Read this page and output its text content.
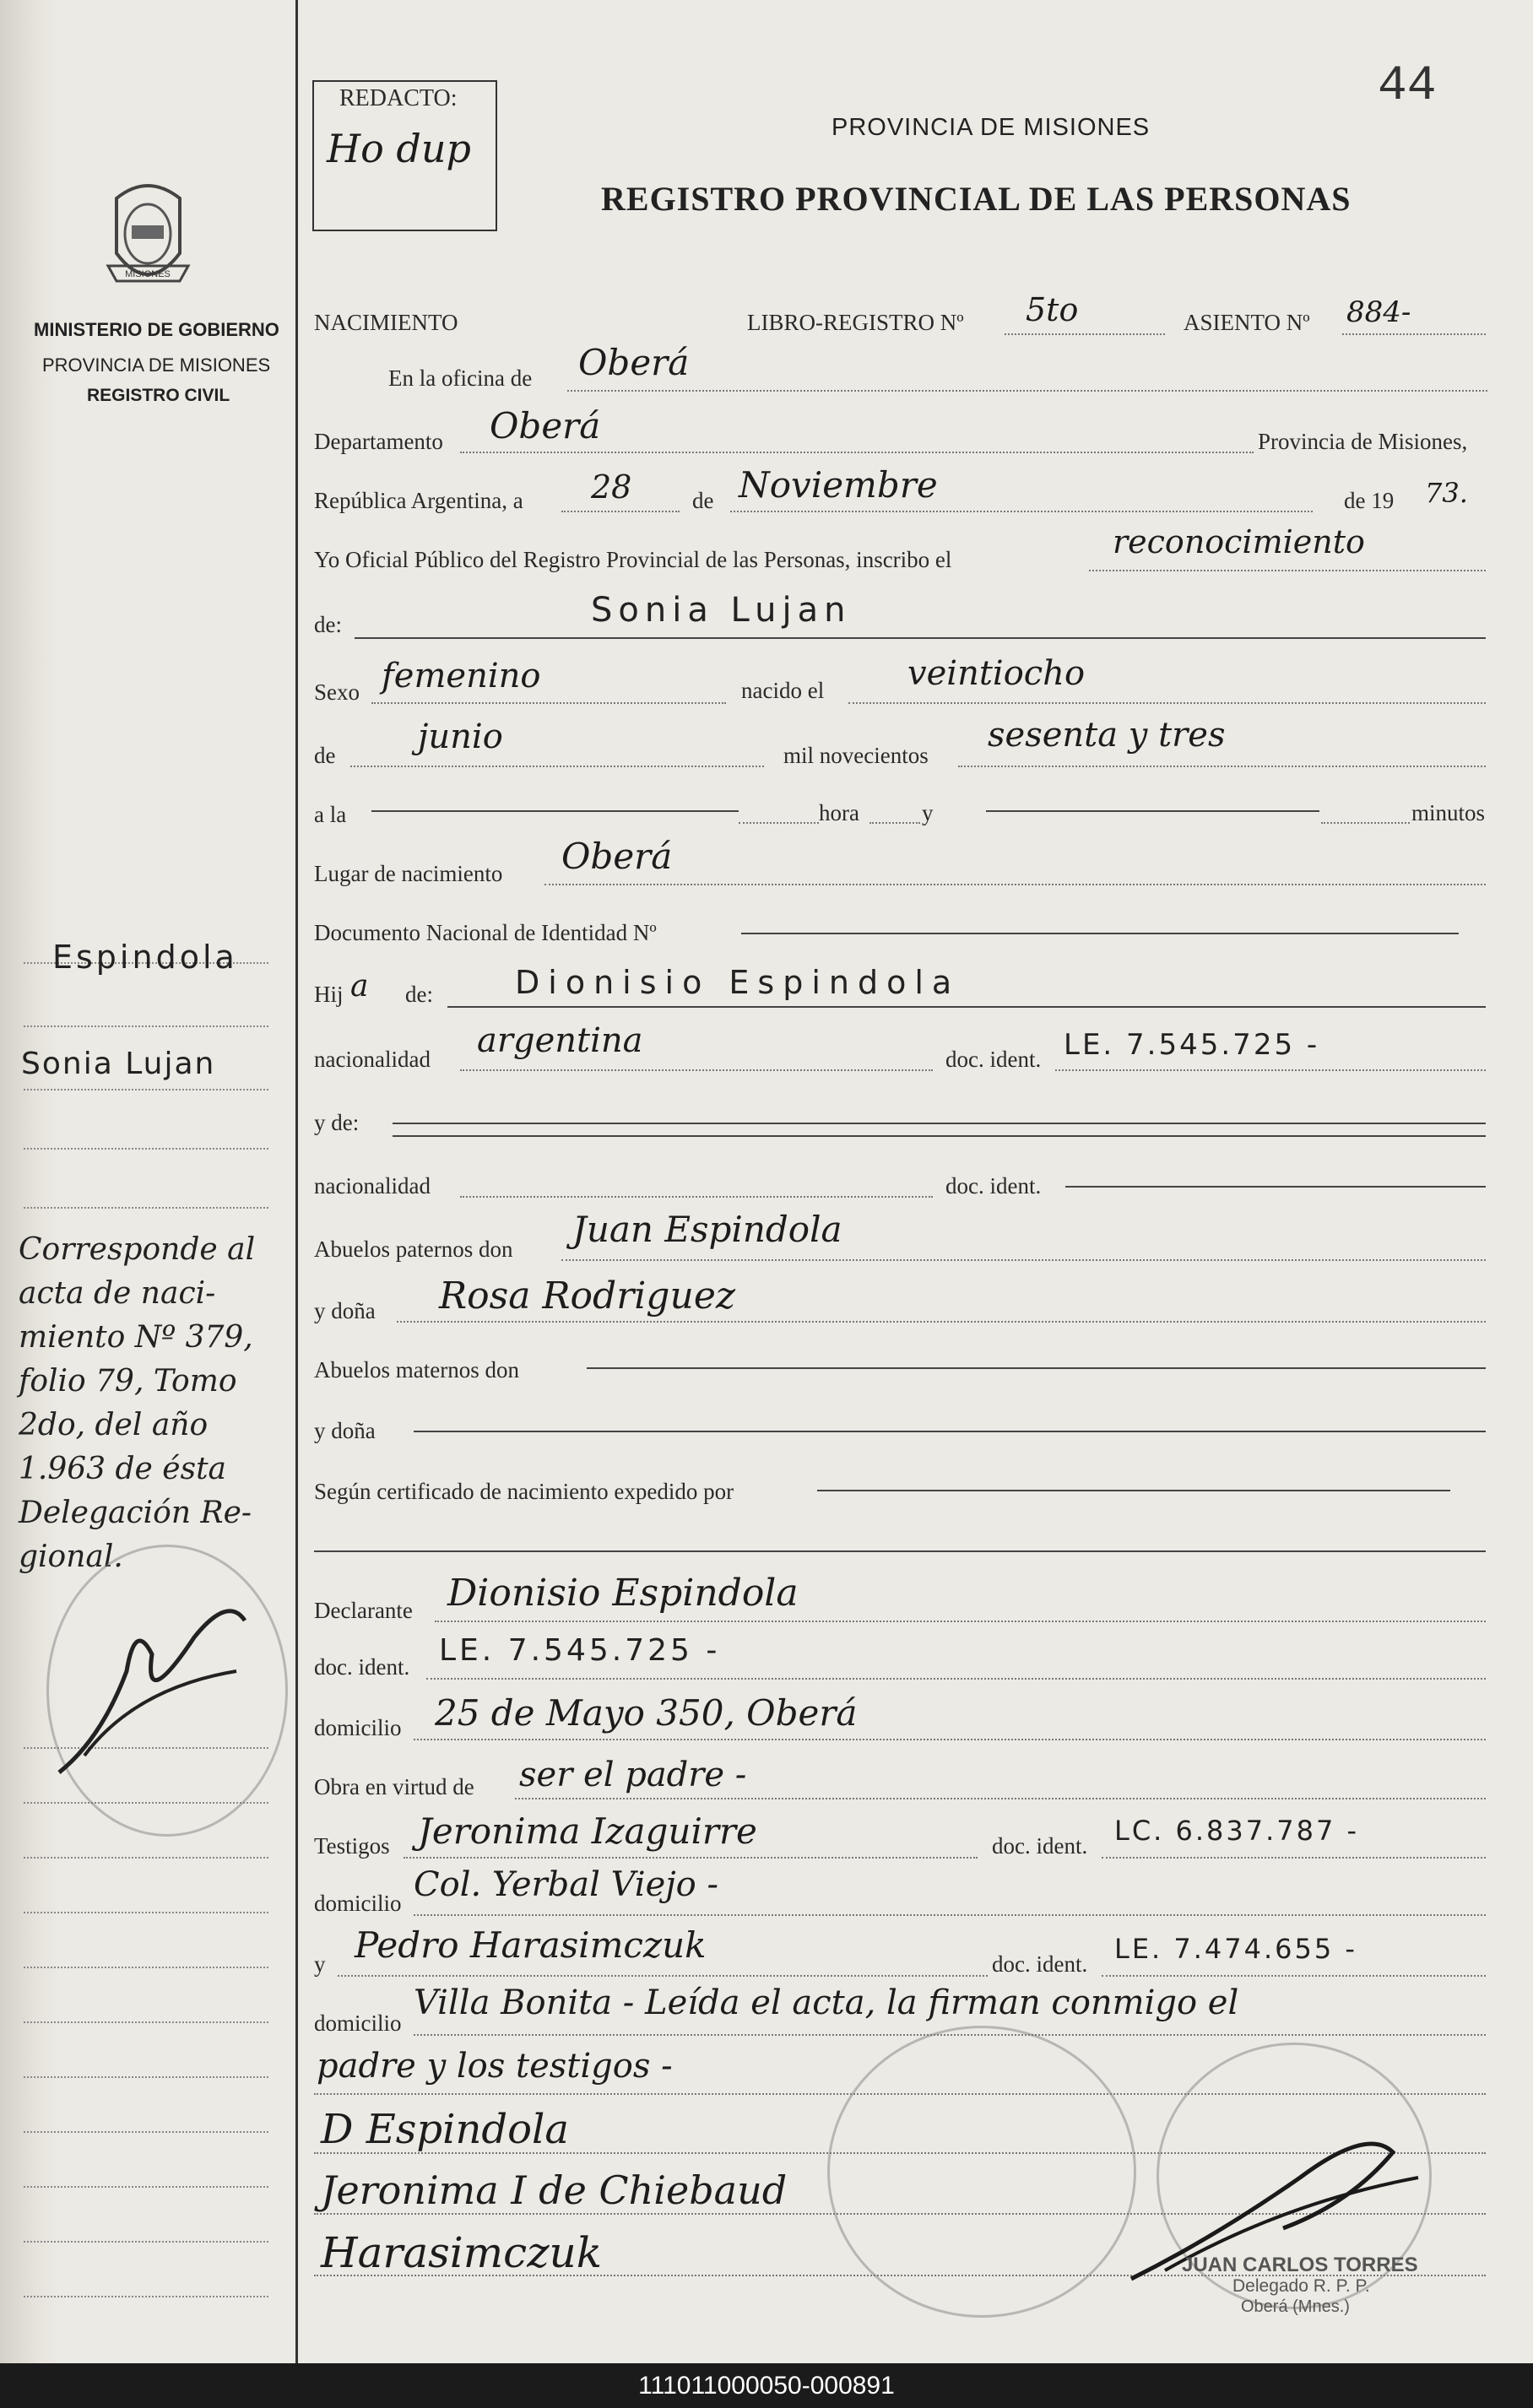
REDACTO:
Ho dup
44
PROVINCIA DE MISIONES
REGISTRO PROVINCIAL DE LAS PERSONAS
MISIONES
MINISTERIO DE GOBIERNO
PROVINCIA DE MISIONES
REGISTRO CIVIL
Espindola
Sonia Lujan
Corresponde al
acta de naci-
miento Nº 379,
folio 79, Tomo
2do, del año
1.963 de ésta
Delegación Re-
gional.
NACIMIENTO	LIBRO-REGISTRO Nº 5to	ASIENTO Nº 884-
En la oficina de Oberá
Departamento Oberá	Provincia de Misiones,
República Argentina, a 28	de Noviembre	de 19 73.
Yo Oficial Público del Registro Provincial de las Personas, inscribo el	reconocimiento
de:	Sonia Lujan
Sexo femenino	nacido el veintiocho
de junio	mil novecientos
sesenta y tres
a la	hora	y	minutos
Lugar de nacimiento Oberá
Documento Nacional de Identidad Nº
Hij a de:	Dionisio Espindola
nacionalidad argentina	doc. ident. LE. 7.545.725 -
y de:
nacionalidad	doc. ident.
Abuelos paternos don Juan Espindola
y doña Rosa Rodriguez
Abuelos maternos don
y doña
Según certificado de nacimiento expedido por
Declarante Dionisio Espindola
doc. ident. LE. 7.545.725 -
domicilio 25 de Mayo 350, Oberá
Obra en virtud de ser el padre -
Testigos Jeronima Izaguirre	doc. ident. LC. 6.837.787 -
domicilio Col. Yerbal Viejo -
y Pedro Harasimczuk	doc. ident. LE. 7.474.655 -
domicilio
Villa Bonita - Leída el acta, la firman conmigo el
padre y los testigos -
D Espindola
Jeronima I de Chiebaud
Harasimczuk	JUAN CARLOS TORRES
Delegado R. P. P.
Oberá (Mnes.)
111011000050-000891
